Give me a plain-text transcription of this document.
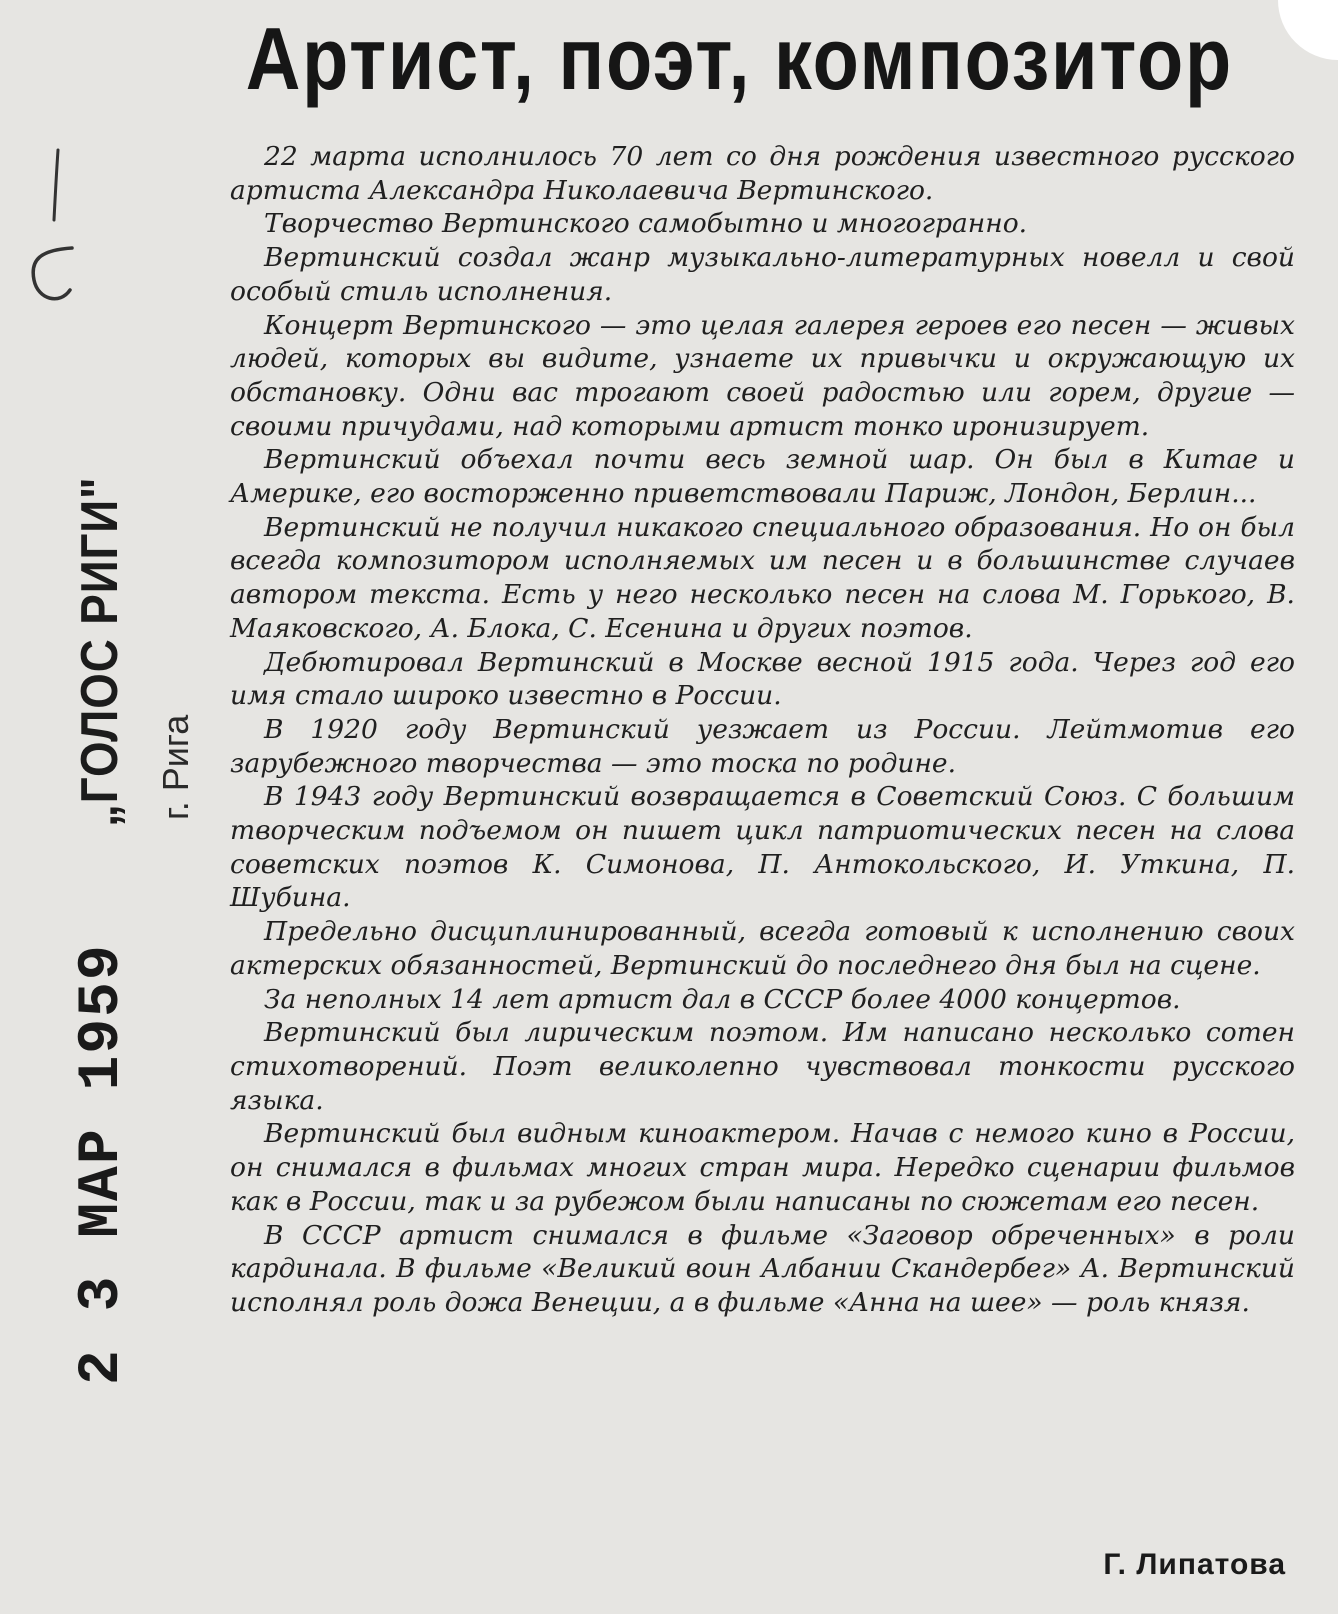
Артист, поэт, композитор
2 3 МАР 1959
„ГОЛОС РИГИ" г. Рига

22 марта исполнилось 70 лет со дня рождения известного русского артиста Александра Николаевича Вертинского.

Творчество Вертинского самобытно и многогранно.

Вертинский создал жанр музыкально-литературных новелл и свой особый стиль исполнения.

Концерт Вертинского — это целая галерея героев его песен — живых людей, которых вы видите, узнаете их привычки и окружающую их обстановку. Одни вас трогают своей радостью или горем, другие — своими причудами, над которыми артист тонко иронизирует.

Вертинский объехал почти весь земной шар. Он был в Китае и Америке, его восторженно приветствовали Париж, Лондон, Берлин...

Вертинский не получил никакого специального образования. Но он был всегда композитором исполняемых им песен и в большинстве случаев автором текста. Есть у него несколько песен на слова М. Горького, В. Маяковского, А. Блока, С. Есенина и других поэтов.

Дебютировал Вертинский в Москве весной 1915 года. Через год его имя стало широко известно в России.

В 1920 году Вертинский уезжает из России. Лейтмотив его зарубежного творчества — это тоска по родине.

В 1943 году Вертинский возвращается в Советский Союз. С большим творческим подъемом он пишет цикл патриотических песен на слова советских поэтов К. Симонова, П. Антокольского, И. Уткина, П. Шубина.

Предельно дисциплинированный, всегда готовый к исполнению своих актерских обязанностей, Вертинский до последнего дня был на сцене.

За неполных 14 лет артист дал в СССР более 4000 концертов.

Вертинский был лирическим поэтом. Им написано несколько сотен стихотворений. Поэт великолепно чувствовал тонкости русского языка.

Вертинский был видным киноактером. Начав с немого кино в России, он снимался в фильмах многих стран мира. Нередко сценарии фильмов как в России, так и за рубежом были написаны по сюжетам его песен.

В СССР артист снимался в фильме «Заговор обреченных» в роли кардинала. В фильме «Великий воин Албании Скандербег» А. Вертинский исполнял роль дожа Венеции, а в фильме «Анна на шее» — роль князя.

Г. Липатова
